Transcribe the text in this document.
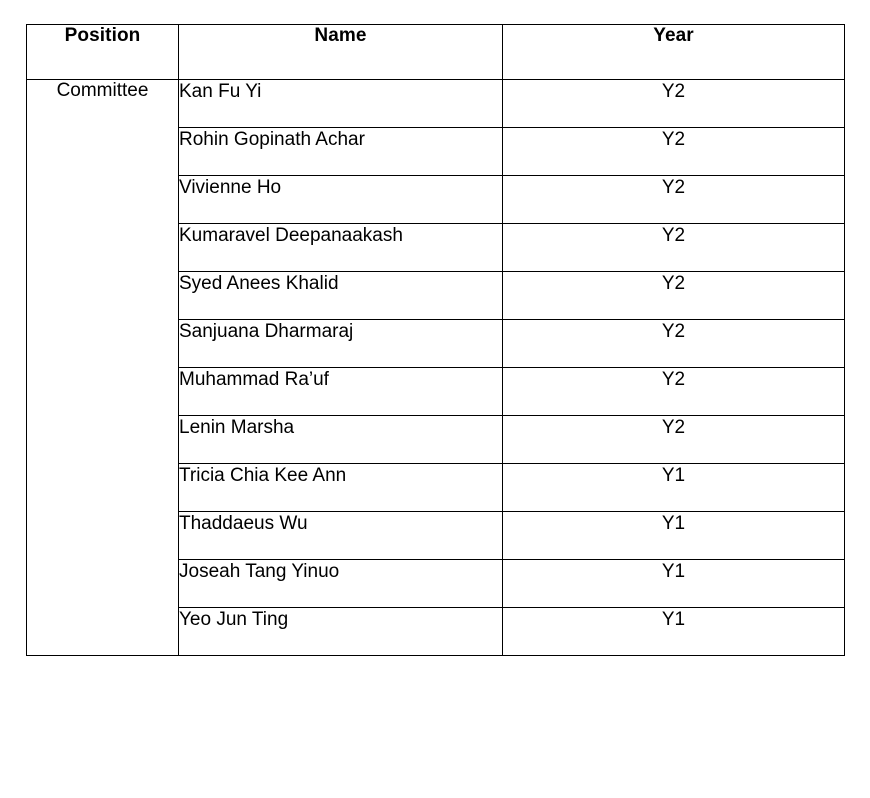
Position	Name	Year
Committee	Kan Fu Yi	Y2
	Rohin Gopinath Achar	Y2
	Vivienne Ho	Y2
	Kumaravel Deepanaakash	Y2
	Syed Anees Khalid	Y2
	Sanjuana Dharmaraj	Y2
	Muhammad Ra’uf	Y2
	Lenin Marsha	Y2
	Tricia Chia Kee Ann	Y1
	Thaddaeus Wu	Y1
	Joseah Tang Yinuo	Y1
	Yeo Jun Ting	Y1
